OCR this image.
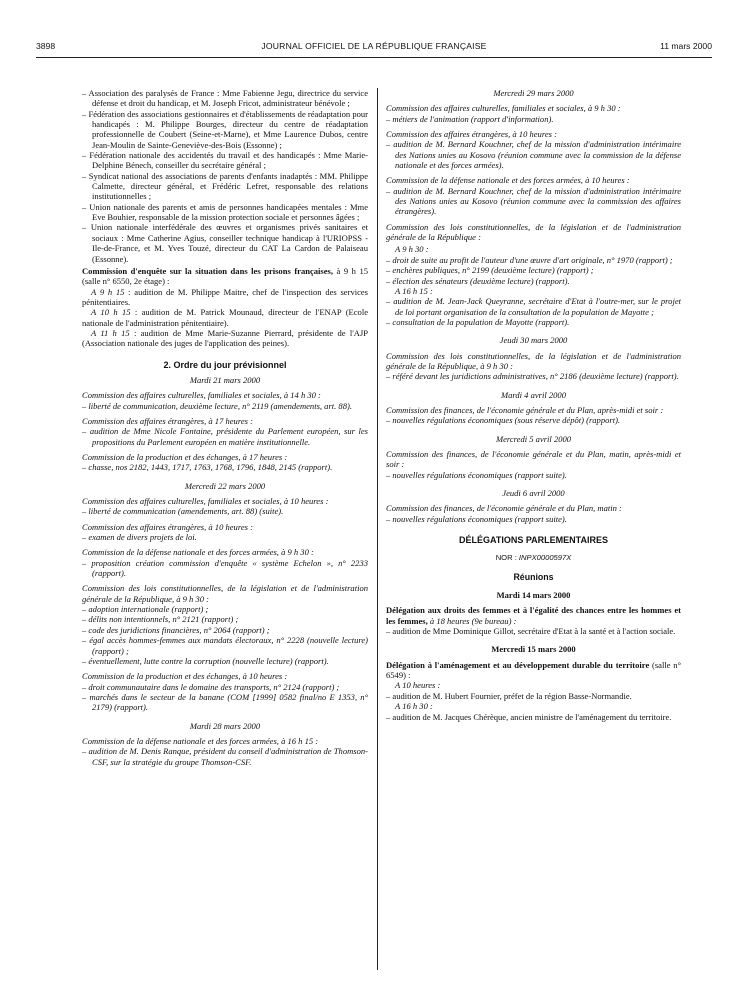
3898	JOURNAL OFFICIEL DE LA RÉPUBLIQUE FRANÇAISE	11 mars 2000

– Association des paralysés de France : Mme Fabienne Jegu, directrice du service défense et droit du handicap, et M. Joseph Fricot, administrateur bénévole ;

– Fédération des associations gestionnaires et d'établissements de réadaptation pour handicapés : M. Philippe Bourges, directeur du centre de réadaptation professionnelle de Coubert (Seine-et-Marne), et Mme Laurence Dubos, centre Jean-Moulin de Sainte-Geneviève-des-Bois (Essonne) ;

– Fédération nationale des accidentés du travail et des handicapés : Mme Marie-Delphine Bénech, conseiller du secrétaire général ;

– Syndicat national des associations de parents d'enfants inadaptés : MM. Philippe Calmette, directeur général, et Frédéric Lefret, responsable des relations institutionnelles ;

– Union nationale des parents et amis de personnes handicapées mentales : Mme Eve Bouhier, responsable de la mission protection sociale et personnes âgées ;

– Union nationale interfédérale des œuvres et organismes privés sanitaires et sociaux : Mme Catherine Agius, conseiller technique handicap à l'URIOPSS - Ile-de-France, et M. Yves Touzé, directeur du CAT La Cardon de Palaiseau (Essonne).

Commission d'enquête sur la situation dans les prisons françaises, à 9 h 15 (salle n° 6550, 2e étage) :

A 9 h 15 : audition de M. Philippe Maitre, chef de l'inspection des services pénitentiaires.

A 10 h 15 : audition de M. Patrick Mounaud, directeur de l'ENAP (Ecole nationale de l'administration pénitentiaire).

A 11 h 15 : audition de Mme Marie-Suzanne Pierrard, présidente de l'AJP (Association nationale des juges de l'application des peines).

2. Ordre du jour prévisionnel

Mardi 21 mars 2000

Commission des affaires culturelles, familiales et sociales, à 14 h 30 :

– liberté de communication, deuxième lecture, n° 2119 (amendements, art. 88).

Commission des affaires étrangères, à 17 heures :

– audition de Mme Nicole Fontaine, présidente du Parlement européen, sur les propositions du Parlement européen en matière institutionnelle.

Commission de la production et des échanges, à 17 heures :

– chasse, nos 2182, 1443, 1717, 1763, 1768, 1796, 1848, 2145 (rapport).

Mercredi 22 mars 2000

Commission des affaires culturelles, familiales et sociales, à 10 heures :

– liberté de communication (amendements, art. 88) (suite).

Commission des affaires étrangères, à 10 heures :

– examen de divers projets de loi.

Commission de la défense nationale et des forces armées, à 9 h 30 :

– proposition création commission d'enquête « système Echelon », n° 2233 (rapport).

Commission des lois constitutionnelles, de la législation et de l'administration générale de la République, à 9 h 30 :

– adoption internationale (rapport) ;

– délits non intentionnels, n° 2121 (rapport) ;

– code des juridictions financières, n° 2064 (rapport) ;

– égal accès hommes-femmes aux mandats électoraux, n° 2228 (nouvelle lecture) (rapport) ;

– éventuellement, lutte contre la corruption (nouvelle lecture) (rapport).

Commission de la production et des échanges, à 10 heures :

– droit communautaire dans le domaine des transports, n° 2124 (rapport) ;

– marchés dans le secteur de la banane (COM [1999] 0582 final/no E 1353, n° 2179) (rapport).

Mardi 28 mars 2000

Commission de la défense nationale et des forces armées, à 16 h 15 :

– audition de M. Denis Ranque, président du conseil d'administration de Thomson-CSF, sur la stratégie du groupe Thomson-CSF.

Mercredi 29 mars 2000

Commission des affaires culturelles, familiales et sociales, à 9 h 30 :

– métiers de l'animation (rapport d'information).

Commission des affaires étrangères, à 10 heures :

– audition de M. Bernard Kouchner, chef de la mission d'administration intérimaire des Nations unies au Kosovo (réunion commune avec la commission de la défense nationale et des forces armées).

Commission de la défense nationale et des forces armées, à 10 heures :

– audition de M. Bernard Kouchner, chef de la mission d'administration intérimaire des Nations unies au Kosovo (réunion commune avec la commission des affaires étrangères).

Commission des lois constitutionnelles, de la législation et de l'administration générale de la République :

A 9 h 30 :

– droit de suite au profit de l'auteur d'une œuvre d'art originale, n° 1970 (rapport) ;

– enchères publiques, n° 2199 (deuxième lecture) (rapport) ;

– élection des sénateurs (deuxième lecture) (rapport).

A 16 h 15 :

– audition de M. Jean-Jack Queyranne, secrétaire d'Etat à l'outre-mer, sur le projet de loi portant organisation de la consultation de la population de Mayotte ;

– consultation de la population de Mayotte (rapport).

Jeudi 30 mars 2000

Commission des lois constitutionnelles, de la législation et de l'administration générale de la République, à 9 h 30 :

– référé devant les juridictions administratives, n° 2186 (deuxième lecture) (rapport).

Mardi 4 avril 2000

Commission des finances, de l'économie générale et du Plan, après-midi et soir :

– nouvelles régulations économiques (sous réserve dépôt) (rapport).

Mercredi 5 avril 2000

Commission des finances, de l'économie générale et du Plan, matin, après-midi et soir :

– nouvelles régulations économiques (rapport suite).

Jeudi 6 avril 2000

Commission des finances, de l'économie générale et du Plan, matin :

– nouvelles régulations économiques (rapport suite).

DÉLÉGATIONS PARLEMENTAIRES

NOR : INPX0000597X

Réunions

Mardi 14 mars 2000

Délégation aux droits des femmes et à l'égalité des chances entre les hommes et les femmes, à 18 heures (9e bureau) :

– audition de Mme Dominique Gillot, secrétaire d'Etat à la santé et à l'action sociale.

Mercredi 15 mars 2000

Délégation à l'aménagement et au développement durable du territoire (salle n° 6549) :

A 10 heures :

– audition de M. Hubert Fournier, préfet de la région Basse-Normandie.

A 16 h 30 :

– audition de M. Jacques Chérèque, ancien ministre de l'aménagement du territoire.
